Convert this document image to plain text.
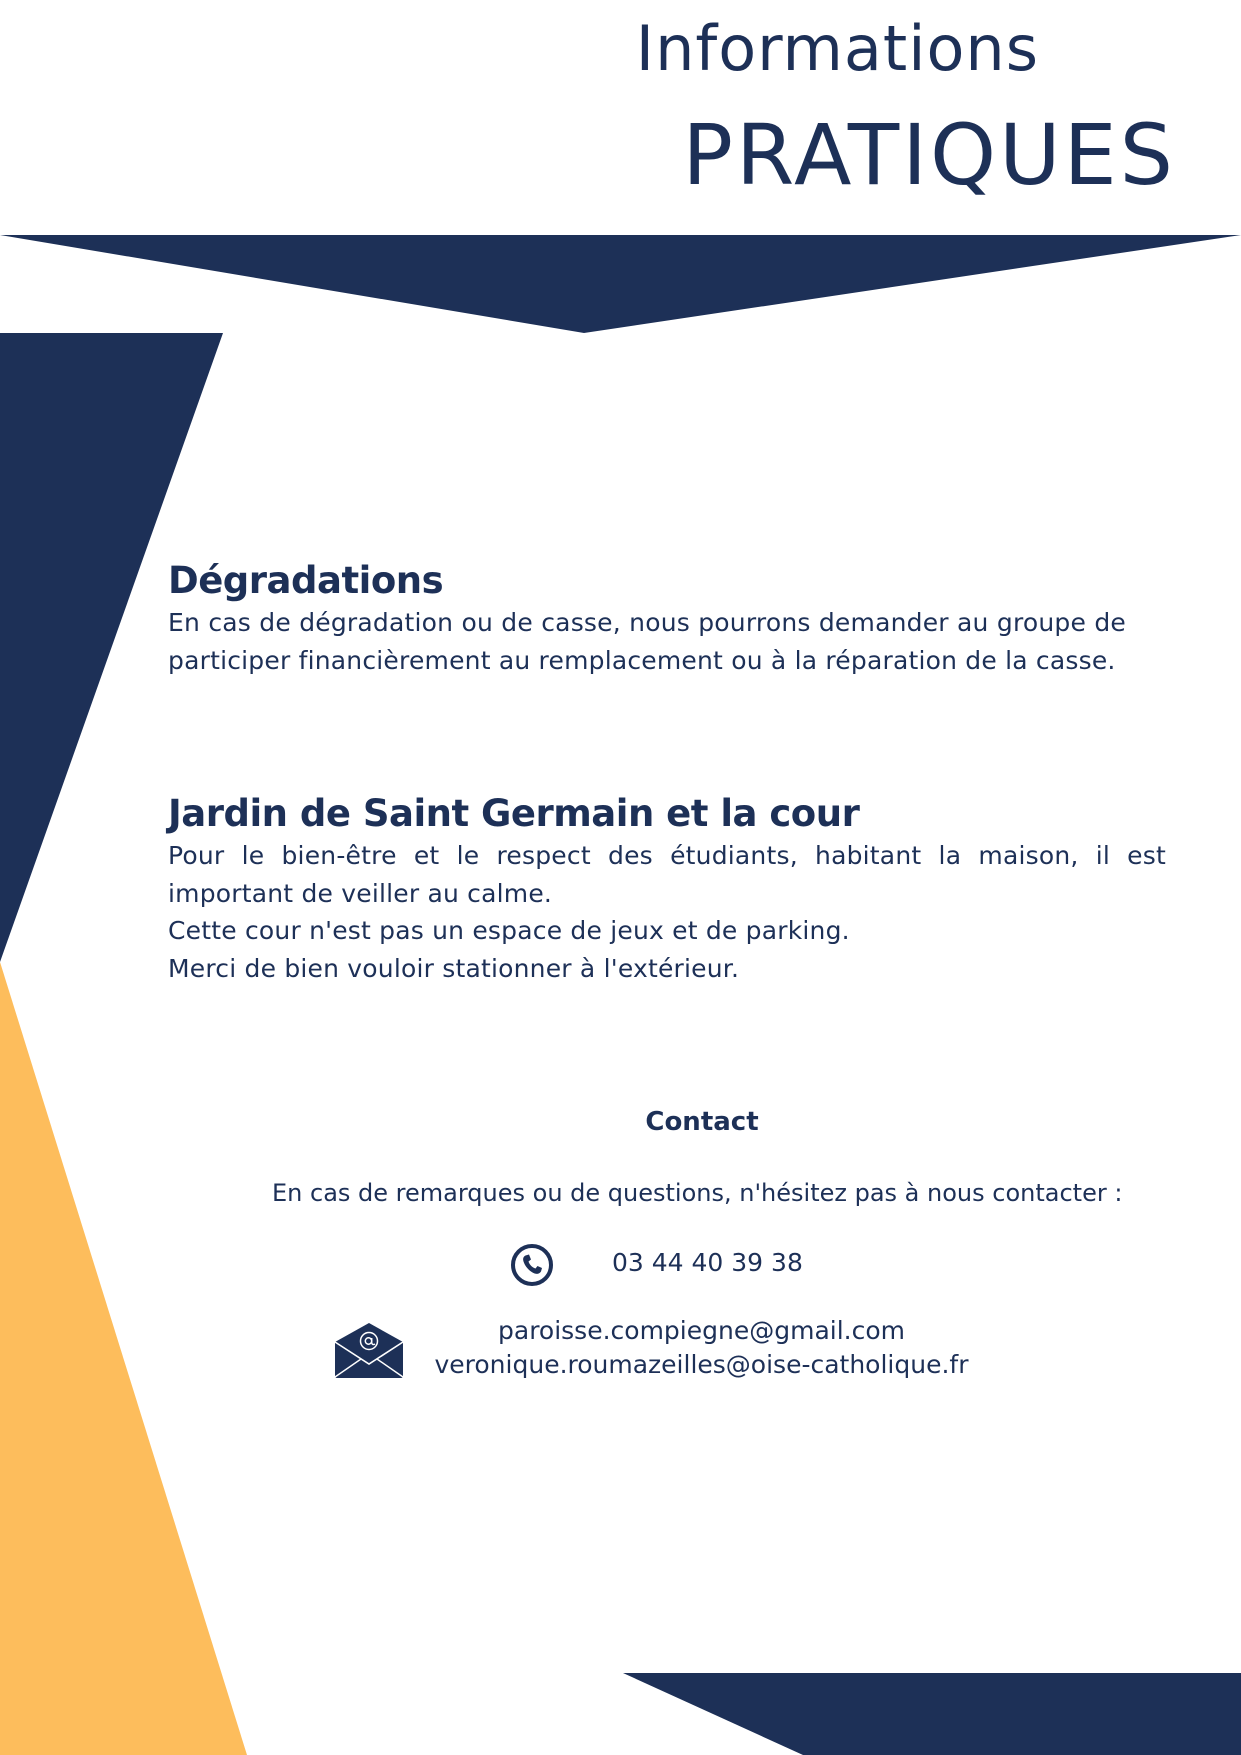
Informations
PRATIQUES
Dégradations

En cas de dégradation ou de casse, nous pourrons demander au groupe de participer financièrement au remplacement ou à la réparation de la casse.

Jardin de Saint Germain et la cour

Pour le bien-être et le respect des étudiants, habitant la maison, il est important de veiller au calme.

Cette cour n'est pas un espace de jeux et de parking.

Merci de bien vouloir stationner à l'extérieur.

Contact
En cas de remarques ou de questions, n'hésitez pas à nous contacter :
03 44 40 39 38
paroisse.compiegne@gmail.com
veronique.roumazeilles@oise-catholique.fr
